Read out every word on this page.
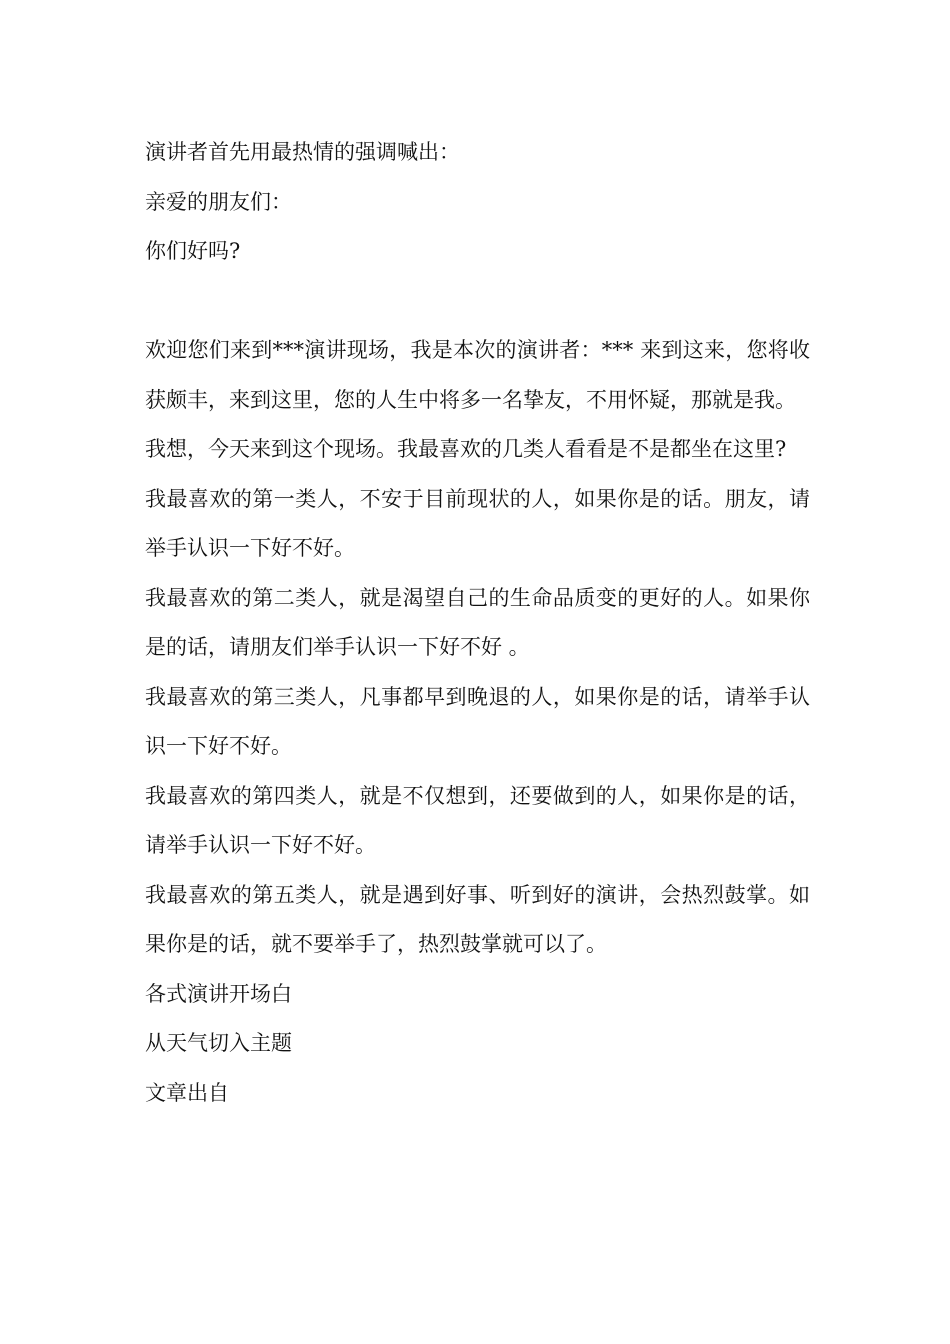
演讲者首先用最热情的强调喊出：

亲爱的朋友们：

你们好吗?

欢迎您们来到***演讲现场，我是本次的演讲者：*** 来到这来，您将收获颇丰，来到这里，您的人生中将多一名挚友，不用怀疑，那就是我。

我想，今天来到这个现场。我最喜欢的几类人看看是不是都坐在这里?

我最喜欢的第一类人，不安于目前现状的人，如果你是的话。朋友，请举手认识一下好不好。

我最喜欢的第二类人，就是渴望自己的生命品质变的更好的人。如果你是的话，请朋友们举手认识一下好不好 。

我最喜欢的第三类人，凡事都早到晚退的人，如果你是的话，请举手认识一下好不好。

我最喜欢的第四类人，就是不仅想到，还要做到的人，如果你是的话，请举手认识一下好不好。

我最喜欢的第五类人，就是遇到好事、听到好的演讲，会热烈鼓掌。如果你是的话，就不要举手了，热烈鼓掌就可以了。

各式演讲开场白

从天气切入主题

文章出自
